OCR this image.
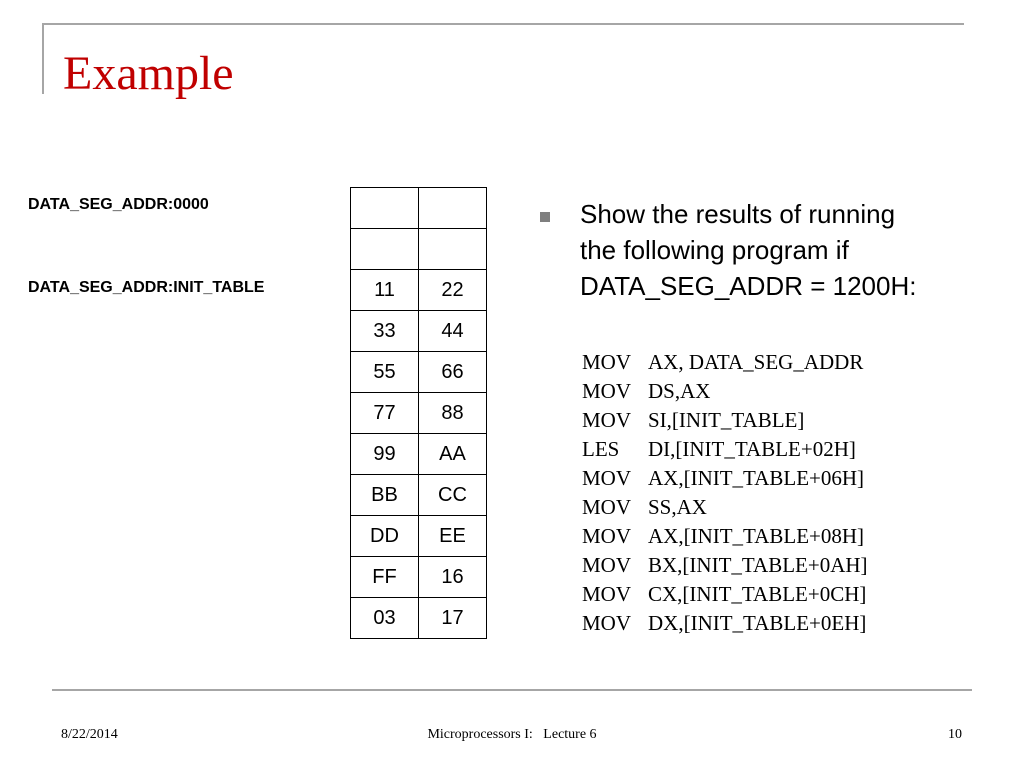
Example
DATA_SEG_ADDR:0000
DATA_SEG_ADDR:INIT_TABLE

		11	22
33	44
55	66
77	88
99	AA
BB	CC
DD	EE
FF	16
03	17
Show the results of running
the following program if
DATA_SEG_ADDR = 1200H:
MOV AX, DATA_SEG_ADDR
MOV DS,AX
MOV SI,[INIT_TABLE]
LES DI,[INIT_TABLE+02H]
MOV AX,[INIT_TABLE+06H]
MOV SS,AX
MOV AX,[INIT_TABLE+08H]
MOV BX,[INIT_TABLE+0AH]
MOV CX,[INIT_TABLE+0CH]
MOV DX,[INIT_TABLE+0EH]
8/22/2014	Microprocessors I:   Lecture 6	10
